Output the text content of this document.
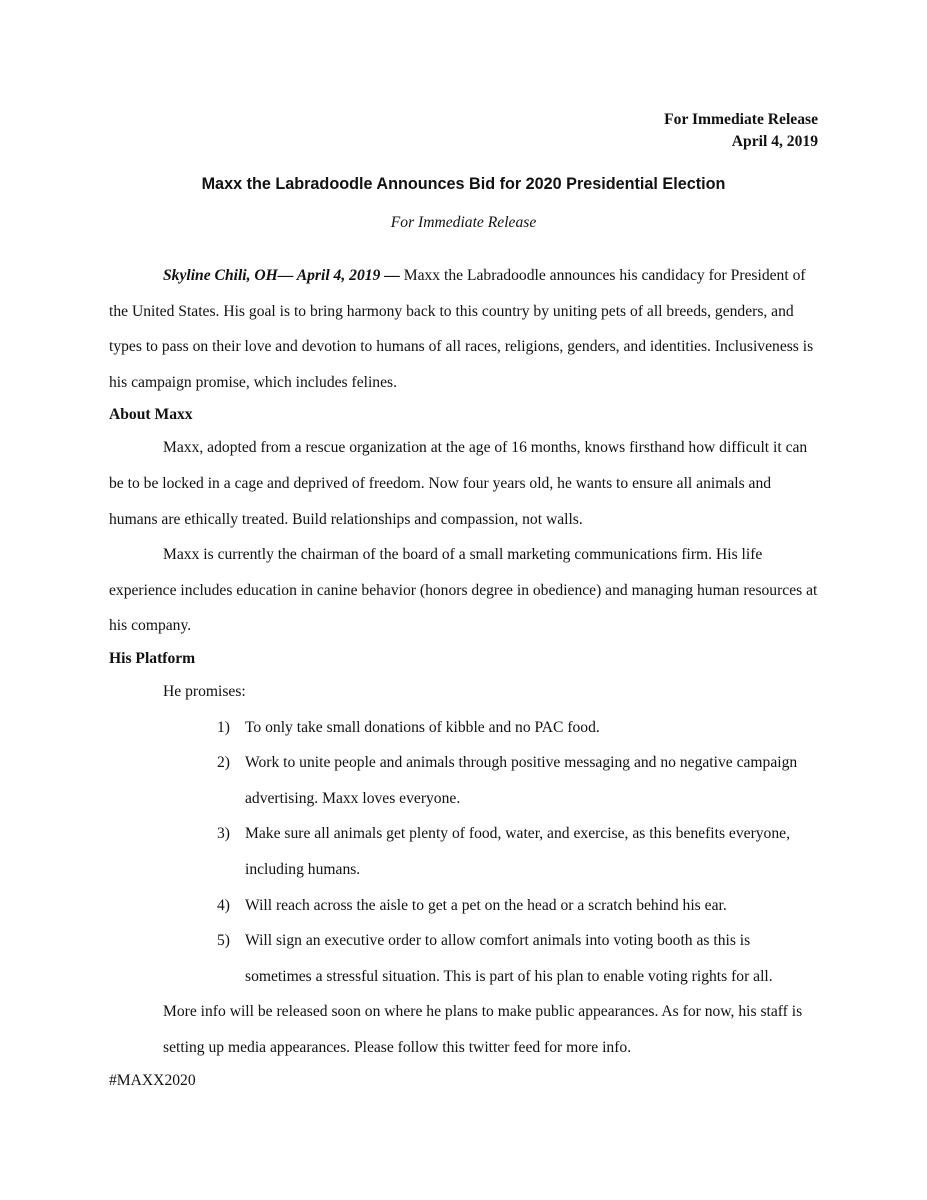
For Immediate Release
April 4, 2019
Maxx the Labradoodle Announces Bid for 2020 Presidential Election
For Immediate Release

Skyline Chili, OH— April 4, 2019 — Maxx the Labradoodle announces his candidacy for President of the United States. His goal is to bring harmony back to this country by uniting pets of all breeds, genders, and types to pass on their love and devotion to humans of all races, religions, genders, and identities. Inclusiveness is his campaign promise, which includes felines.

About Maxx

Maxx, adopted from a rescue organization at the age of 16 months, knows firsthand how difficult it can be to be locked in a cage and deprived of freedom. Now four years old, he wants to ensure all animals and humans are ethically treated. Build relationships and compassion, not walls.

Maxx is currently the chairman of the board of a small marketing communications firm. His life experience includes education in canine behavior (honors degree in obedience) and managing human resources at his company.

His Platform

He promises:

1) To only take small donations of kibble and no PAC food.
2) Work to unite people and animals through positive messaging and no negative campaign advertising. Maxx loves everyone.
3) Make sure all animals get plenty of food, water, and exercise, as this benefits everyone, including humans.
4) Will reach across the aisle to get a pet on the head or a scratch behind his ear.
5) Will sign an executive order to allow comfort animals into voting booth as this is sometimes a stressful situation. This is part of his plan to enable voting rights for all.

More info will be released soon on where he plans to make public appearances. As for now, his staff is setting up media appearances. Please follow this twitter feed for more info.

#MAXX2020
